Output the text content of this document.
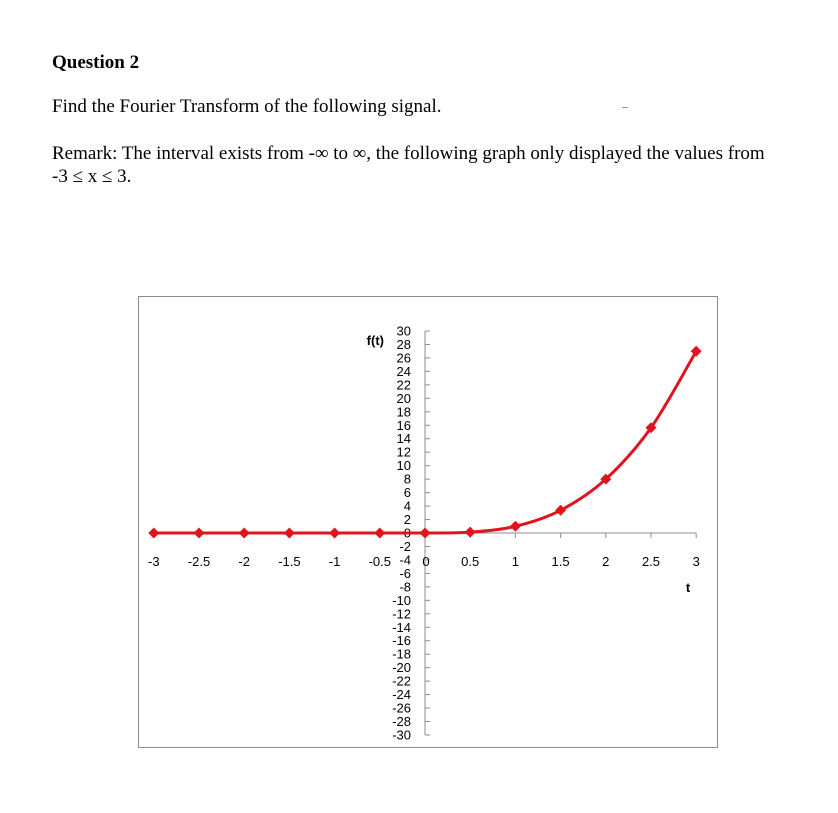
Question 2
Find the Fourier Transform of the following signal.
Remark: The interval exists from -∞ to ∞, the following graph only displayed the values from
-3 ≤ x ≤ 3.
30
28
26
24
22
20
18
16
14
12
10
8
6
4
2
0
-2
-4
-6
-8
-10
-12
-14
-16
-18
-20
-22
-24
-26
-28
-30
-3 -2.5 -2 -1.5 -1 -0.5 0 0.5	1	1.5	2	2.5	3
f(t)
t
